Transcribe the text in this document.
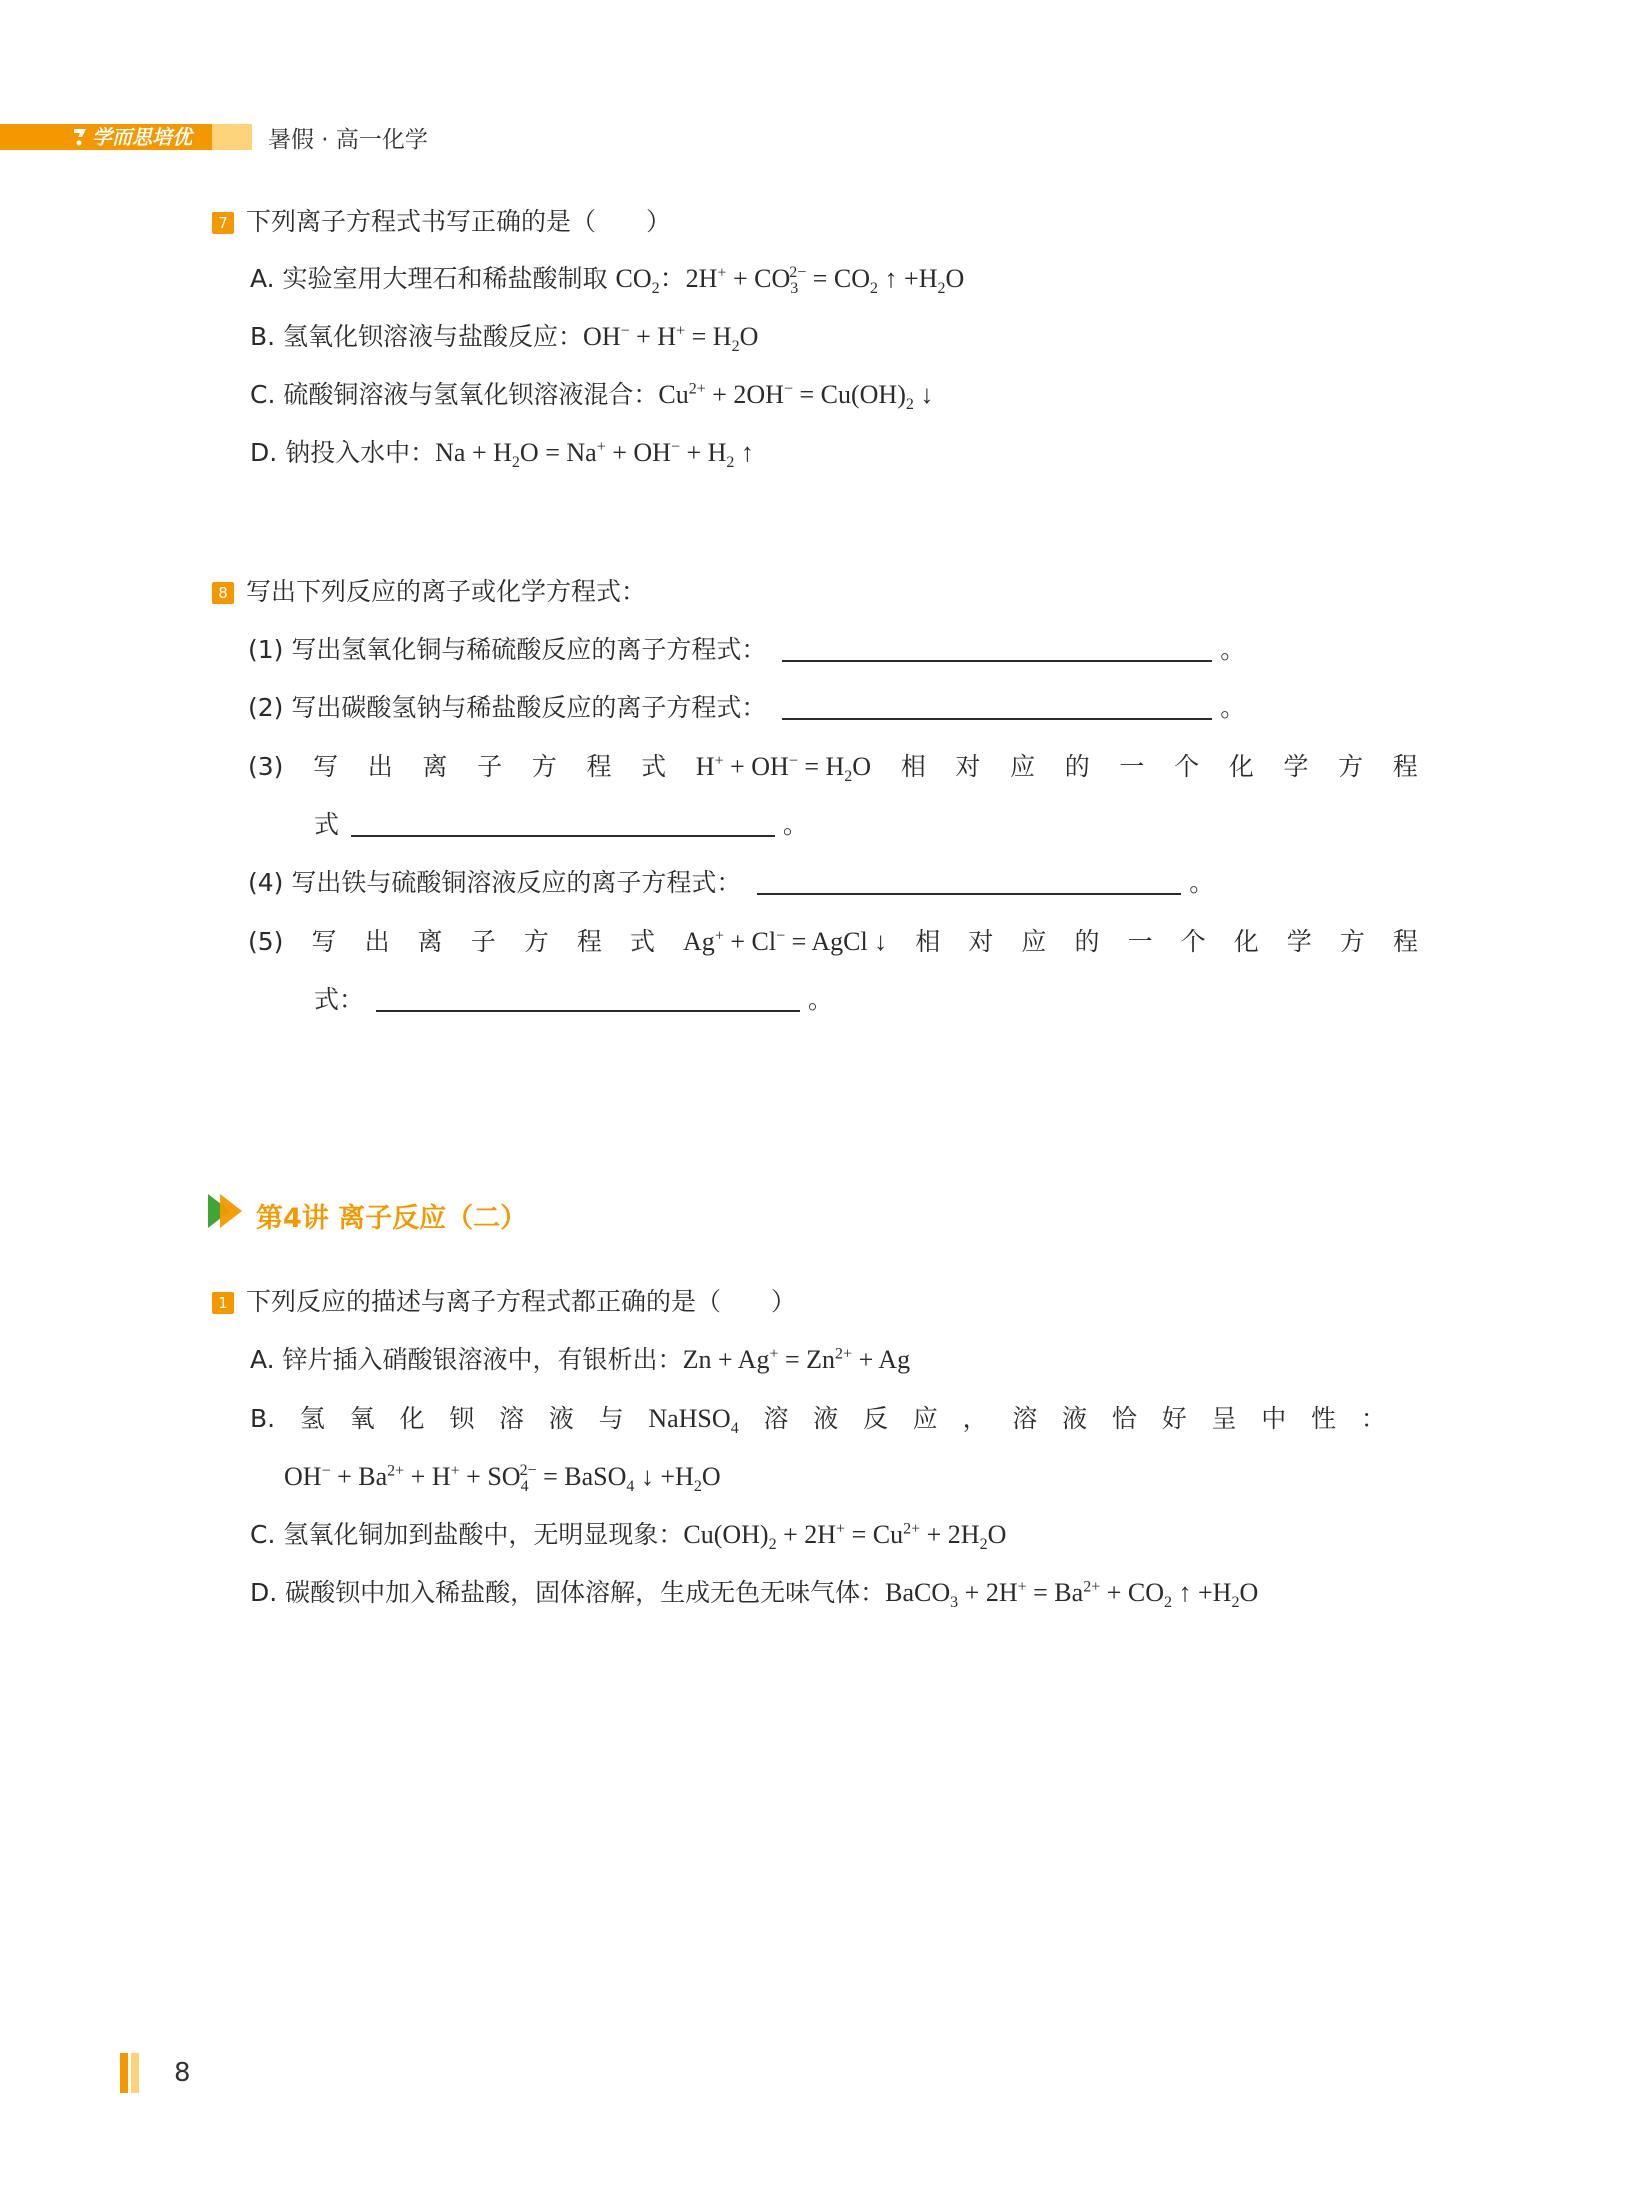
学而思培优	暑假 · 高一化学
7 下列离子方程式书写正确的是（　　）
A. 实验室用大理石和稀盐酸制取 $CO_2$：$2H^+ + CO_3^{2-} = CO_2$ ↑ $+H_2O$
B. 氢氧化钡溶液与盐酸反应：$OH^- + H^+ = H_2O$
C. 硫酸铜溶液与氢氧化钡溶液混合：$Cu^{2+} + 2OH^- = Cu(OH)_2$ ↓
D. 钠投入水中：$Na + H_2O = Na^+ + OH^- + H_2$ ↑
8 写出下列反应的离子或化学方程式：
(1) 写出氢氧化铜与稀硫酸反应的离子方程式：	。
(2) 写出碳酸氢钠与稀盐酸反应的离子方程式：	。
(3) 写 出 离 子 方 程 式 $H^+ + OH^- = H_2O$ 相 对 应 的 一 个 化 学 方 程
式	。
(4) 写出铁与硫酸铜溶液反应的离子方程式：	。
(5) 写 出 离 子 方 程 式 Ag+ + Cl− = AgCl ↓ 相 对 应 的 一 个 化 学 方 程
式：	。
第4讲 离子反应（二）
1 下列反应的描述与离子方程式都正确的是（　　）
A. 锌片插入硝酸银溶液中，有银析出：$Zn + Ag^+ = Zn^{2+} + Ag$
B. 氢 氧 化 钡 溶 液 与 NaHSO$_4$ 溶 液 反 应 ， 溶 液 恰 好 呈 中 性 ：
$OH^- + Ba^{2+} + H^+ + SO_4^{2-}$ = BaSO$_4$ ↓ $+H_2O$
C. 氢氧化铜加到盐酸中，无明显现象：$Cu(OH)_2 + 2H^+ = Cu^{2+} + 2H_2O$
D. 碳酸钡中加入稀盐酸，固体溶解，生成无色无味气体：BaCO$_3$ + $2H^+ = Ba^{2+} + CO_2$ ↑ $+H_2O$
8
